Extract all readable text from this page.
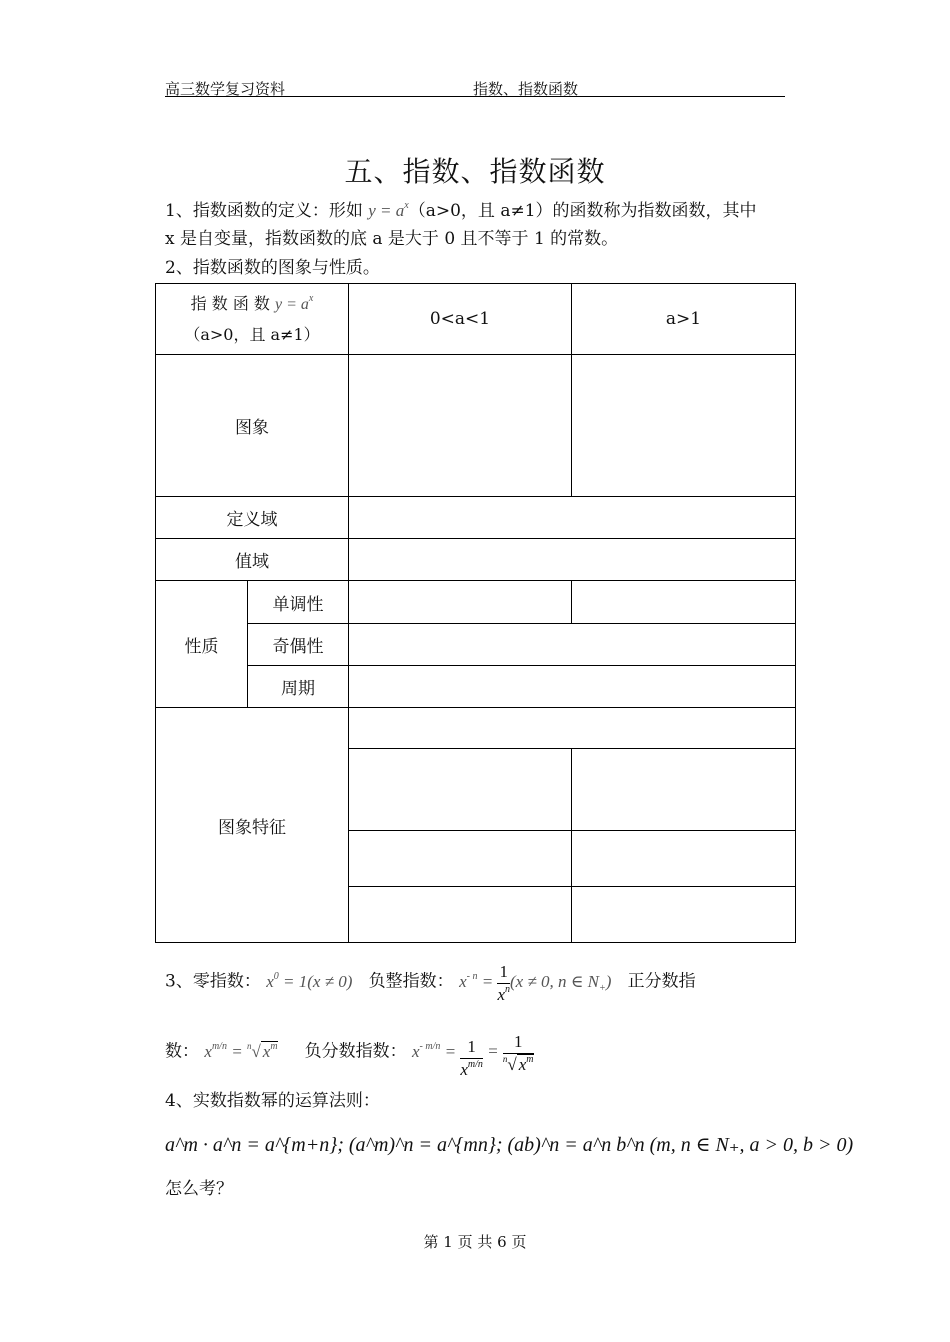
高三数学复习资料	指数、指数函数
五、指数、指数函数
1、指数函数的定义：形如 $y = a^x(a>0$，且 a≠1）的函数称为指数函数，其中
x 是自变量，指数函数的底 a 是大于 0 且不等于 1 的常数。
2、指数函数的图象与性质。
指 数 函 数 $y = a^x$
（a>0，且 a≠1）		0<a<1	a>1
图象			
定义域			
值域			
性质	单调性		
	奇偶性		
	周期		
图象特征			

3、零指数： $x^0 = 1(x \ne 0)$ 负整指数： $x^{- n} = \frac{1}{x^n} (x \ne 0$, n ∈ $N_+$) 正分数指
数： $x^{m/n} = ^n√$ $x^m$ 负分数指数： $x^{- m/n} = \frac{1}{x^{m/n}} = \frac{1}{^n√ x^m}$
4、实数指数幂的运算法则：
a^m · a^n = a^{m+n}; (a^m)^n = a^{mn}; (ab)^n = a^n b^n (m, n ∈ N₊, a > 0, b > 0)
怎么考？
第 1 页 共 6 页
